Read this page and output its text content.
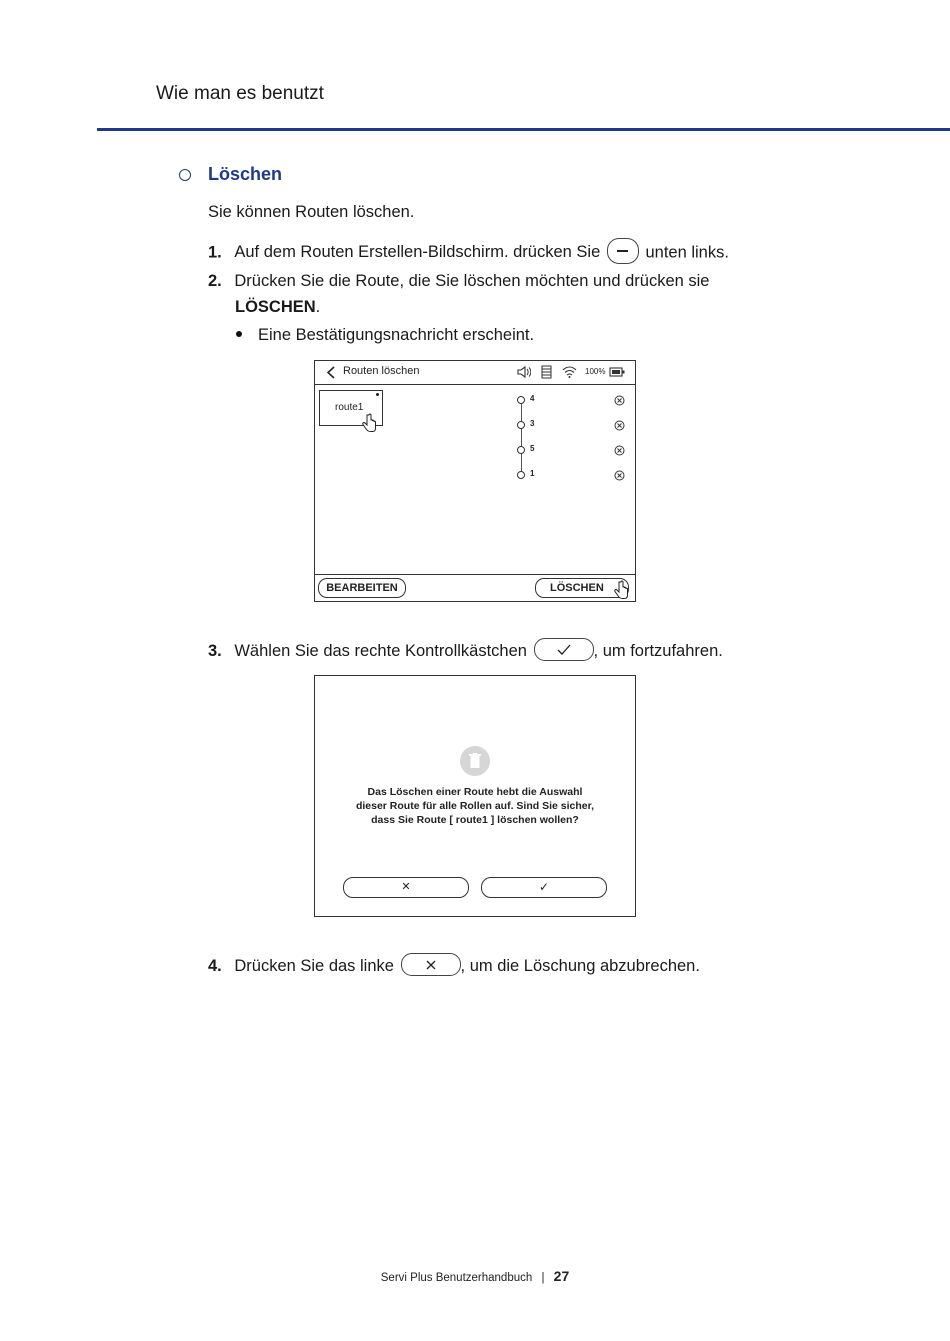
Wie man es benutzt
Löschen
Sie können Routen löschen.
1. Auf dem Routen Erstellen-Bildschirm. drücken Sie	unten links.
2. Drücken Sie die Route, die Sie löschen möchten und drücken sie
LÖSCHEN.
Eine Bestätigungsnachricht erscheint.
Routen löschen	100%
route1
4
3
5
1
BEARBEITEN	LÖSCHEN
3. Wählen Sie das rechte Kontrollkästchen	, um fortzufahren.
Das Löschen einer Route hebt die Auswahl
dieser Route für alle Rollen auf. Sind Sie sicher,
dass Sie Route [ route1 ] löschen wollen?
✕	✓
4. Drücken Sie das linke	, um die Löschung abzubrechen.
Servi Plus Benutzerhandbuch | 27
